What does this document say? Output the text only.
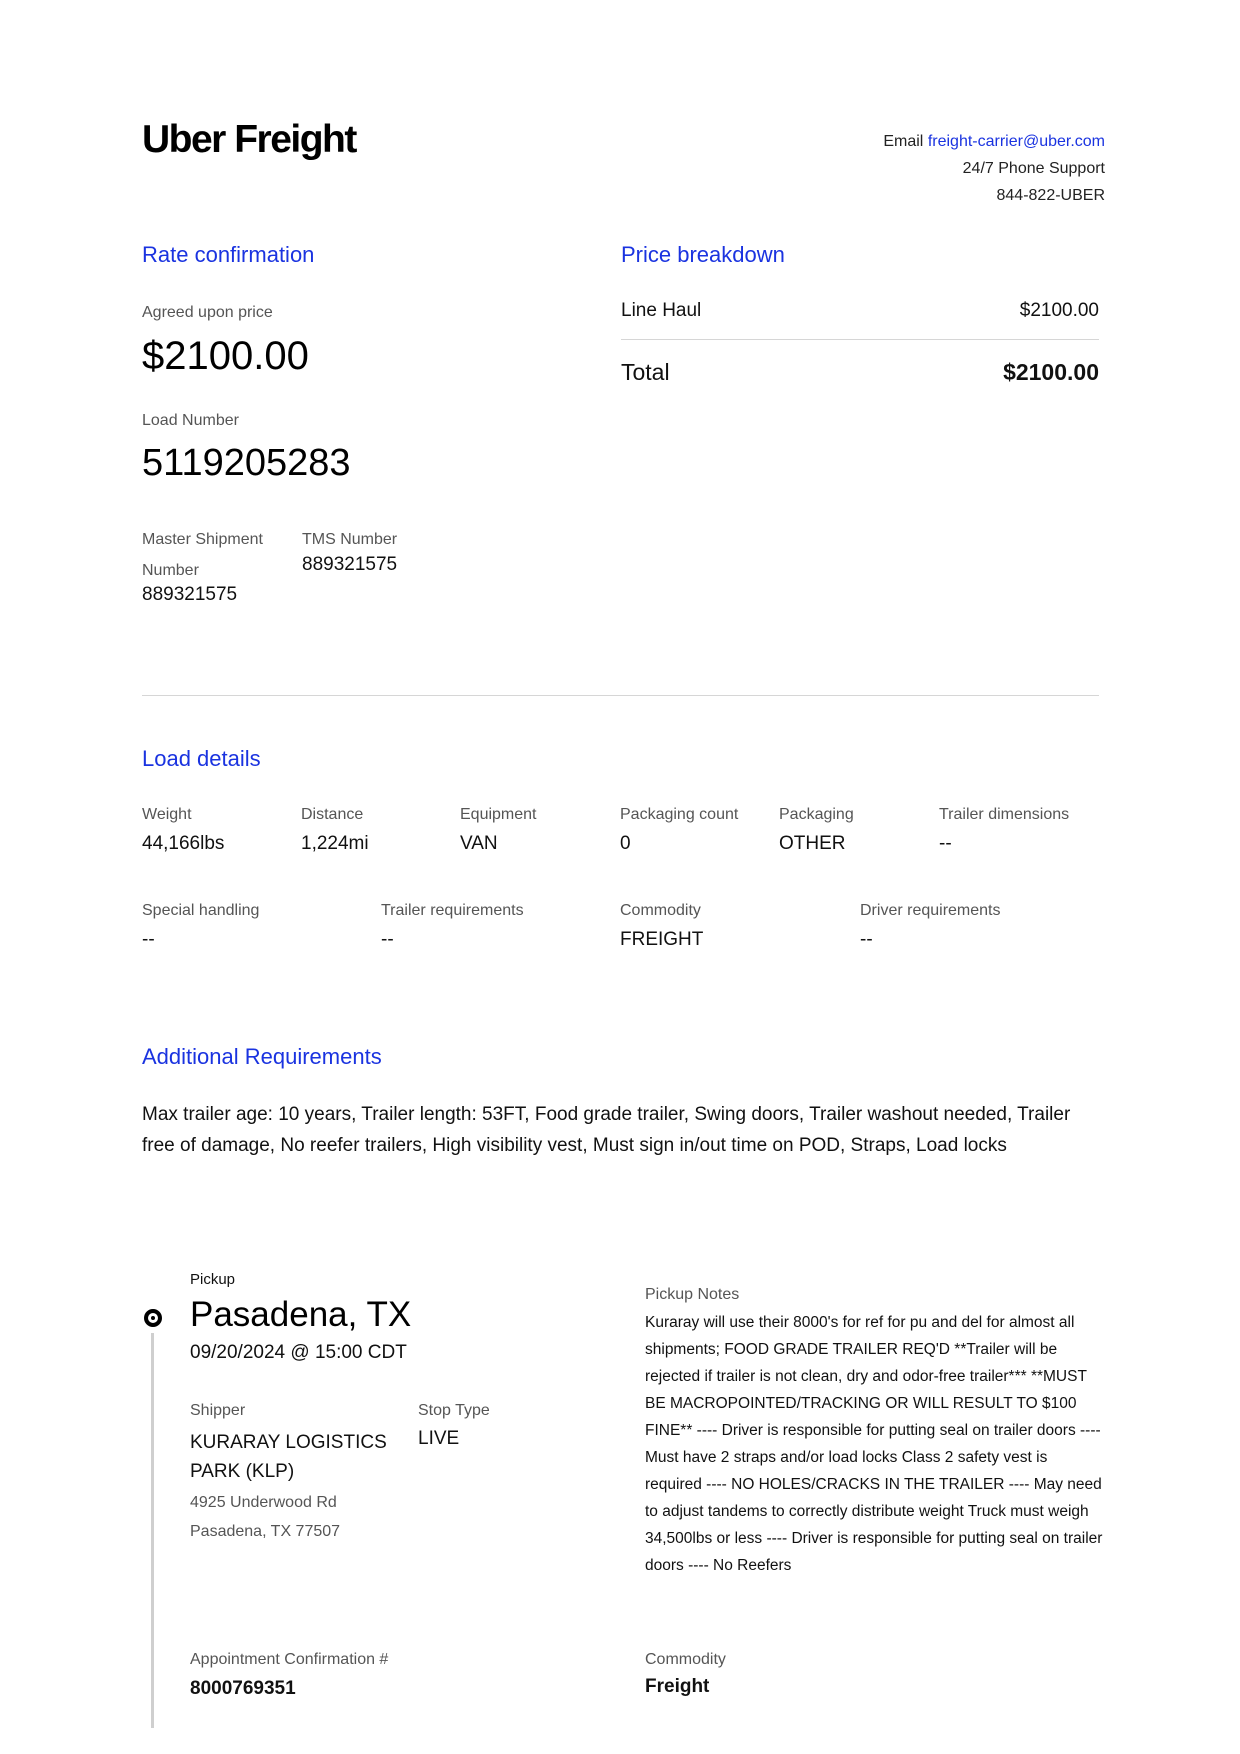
Uber Freight	Email freight-carrier@uber.com
24/7 Phone Support
844-822-UBER
Rate confirmation
Agreed upon price
$2100.00
Load Number
5119205283
Master Shipment
Number
889321575
TMS Number
889321575
Price breakdown
Line Haul	$2100.00
Total	$2100.00
Load details
Weight
44,166lbs
Distance
1,224mi
Equipment
VAN
Packaging count
0
Packaging
OTHER
Trailer dimensions
--
Special handling
--
Trailer requirements
--
Commodity
FREIGHT
Driver requirements
--
Additional Requirements
Max trailer age: 10 years, Trailer length: 53FT, Food grade trailer, Swing doors, Trailer washout needed, Trailer free of damage, No reefer trailers, High visibility vest, Must sign in/out time on POD, Straps, Load locks
Pickup
Pasadena, TX
09/20/2024 @ 15:00 CDT
Shipper
KURARAY LOGISTICS
PARK (KLP)
4925 Underwood Rd
Pasadena, TX 77507
Stop Type
LIVE
Pickup Notes
Kuraray will use their 8000's for ref for pu and del for almost all shipments; FOOD GRADE TRAILER REQ'D **Trailer will be rejected if trailer is not clean, dry and odor-free trailer*** **MUST BE MACROPOINTED/TRACKING OR WILL RESULT TO $100 FINE** ---- Driver is responsible for putting seal on trailer doors ---- Must have 2 straps and/or load locks Class 2 safety vest is required ---- NO HOLES/CRACKS IN THE TRAILER ---- May need to adjust tandems to correctly distribute weight Truck must weigh 34,500lbs or less ---- Driver is responsible for putting seal on trailer doors ---- No Reefers
Appointment Confirmation #
8000769351
Commodity
Freight
